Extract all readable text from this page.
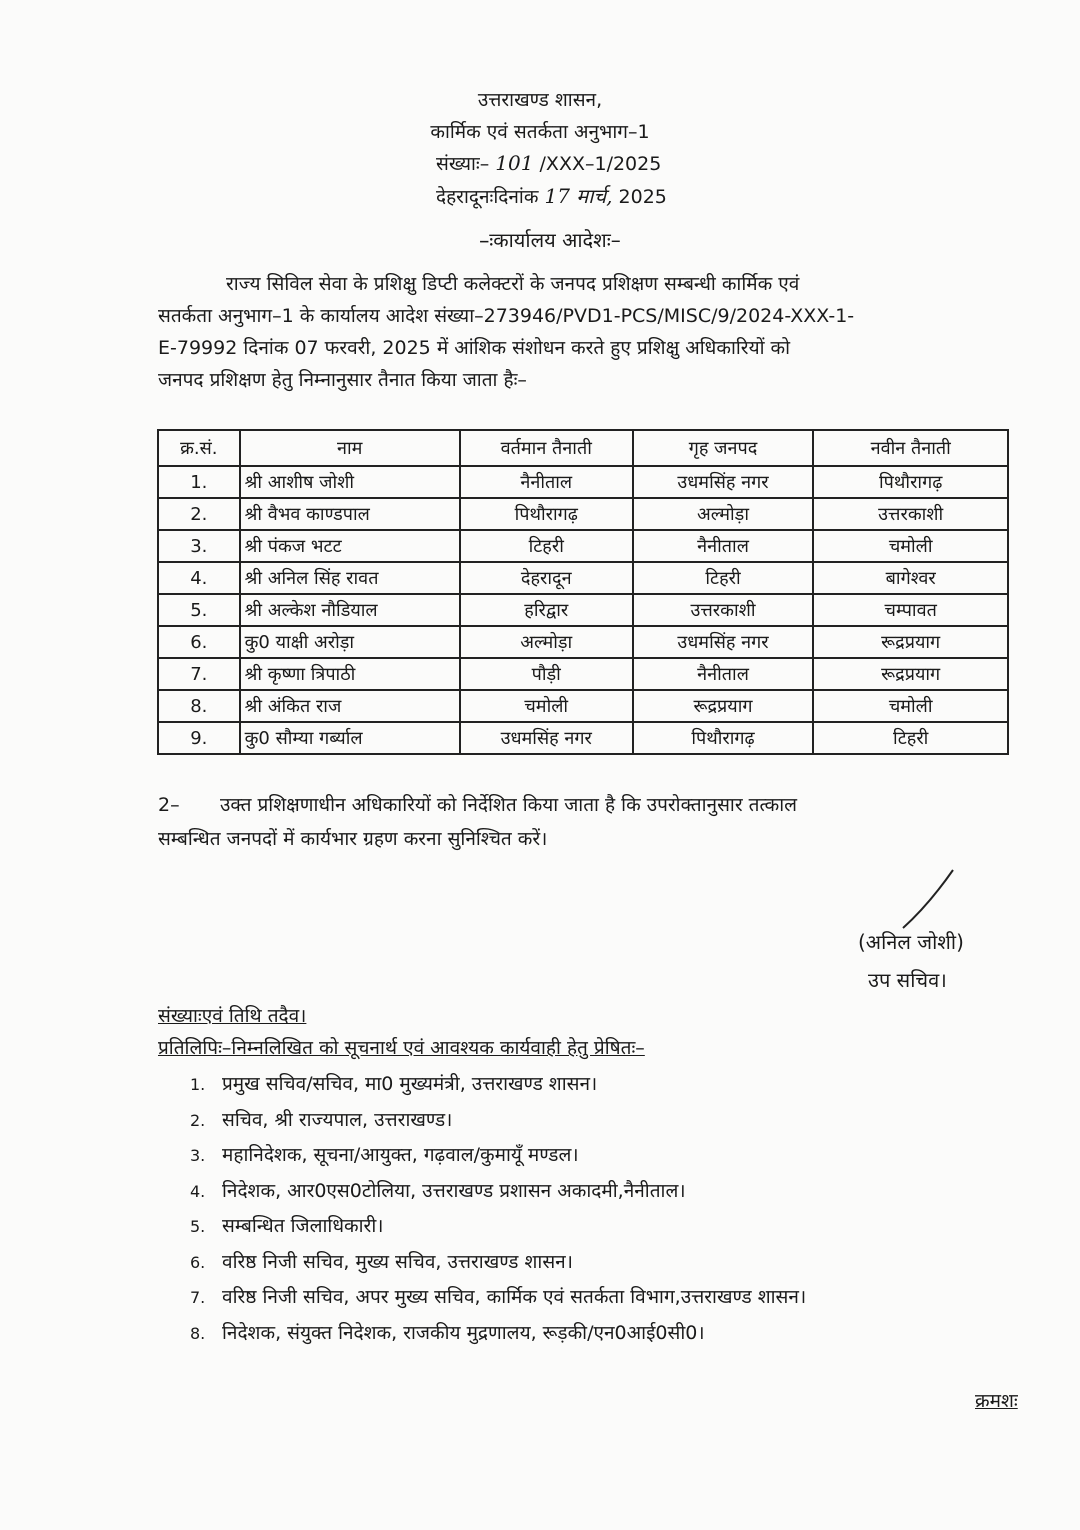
उत्तराखण्ड शासन,
कार्मिक एवं सतर्कता अनुभाग–1
संख्याः– 101 /XXX–1/2025
देहरादूनःदिनांक 17 मार्च, 2025
–ःकार्यालय आदेशः–
राज्य सिविल सेवा के प्रशिक्षु डिप्टी कलेक्टरों के जनपद प्रशिक्षण सम्बन्धी कार्मिक एवं
सतर्कता अनुभाग–1 के कार्यालय आदेश संख्या–273946/PVD1-PCS/MISC/9/2024-XXX-1-
E-79992 दिनांक 07 फरवरी, 2025 में आंशिक संशोधन करते हुए प्रशिक्षु अधिकारियों को
जनपद प्रशिक्षण हेतु निम्नानुसार तैनात किया जाता हैः–
क्र.सं.	नाम	वर्तमान तैनाती	गृह जनपद	नवीन तैनाती
1.	श्री आशीष जोशी	नैनीताल	उधमसिंह नगर	पिथौरागढ़
2.	श्री वैभव काण्डपाल	पिथौरागढ़	अल्मोड़ा	उत्तरकाशी
3.	श्री पंकज भटट	टिहरी	नैनीताल	चमोली
4.	श्री अनिल सिंह रावत	देहरादून	टिहरी	बागेश्वर
5.	श्री अल्केश नौडियाल	हरिद्वार	उत्तरकाशी	चम्पावत
6.	कु0 याक्षी अरोड़ा	अल्मोड़ा	उधमसिंह नगर	रूद्रप्रयाग
7.	श्री कृष्णा त्रिपाठी	पौड़ी	नैनीताल	रूद्रप्रयाग
8.	श्री अंकित राज	चमोली	रूद्रप्रयाग	चमोली
9.	कु0 सौम्या गर्ब्याल	उधमसिंह नगर	पिथौरागढ़	टिहरी
2– उक्त प्रशिक्षणाधीन अधिकारियों को निर्देशित किया जाता है कि उपरोक्तानुसार तत्काल
सम्बन्धित जनपदों में कार्यभार ग्रहण करना सुनिश्चित करें।
(अनिल जोशी)
उप सचिव।
संख्याःएवं तिथि तदैव।
प्रतिलिपिः–निम्नलिखित को सूचनार्थ एवं आवश्यक कार्यवाही हेतु प्रेषितः–
1. प्रमुख सचिव/सचिव, मा0 मुख्यमंत्री, उत्तराखण्ड शासन।
2. सचिव, श्री राज्यपाल, उत्तराखण्ड।
3. महानिदेशक, सूचना/आयुक्त, गढ़वाल/कुमायूँ मण्डल।
4. निदेशक, आर0एस0टोलिया, उत्तराखण्ड प्रशासन अकादमी,नैनीताल।
5. सम्बन्धित जिलाधिकारी।
6. वरिष्ठ निजी सचिव, मुख्य सचिव, उत्तराखण्ड शासन।
7. वरिष्ठ निजी सचिव, अपर मुख्य सचिव, कार्मिक एवं सतर्कता विभाग,उत्तराखण्ड शासन।
8. निदेशक, संयुक्त निदेशक, राजकीय मुद्रणालय, रूड़की/एन0आई0सी0।
क्रमशः
